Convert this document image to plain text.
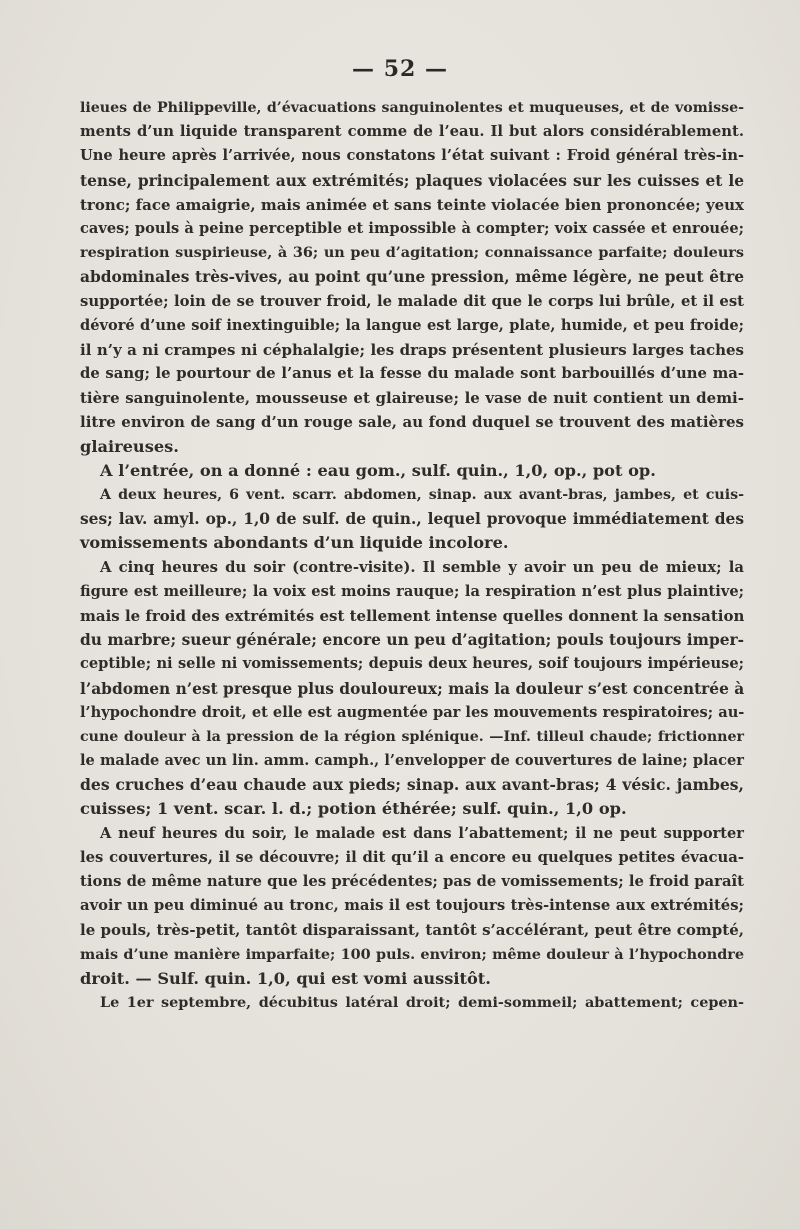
— 52 —
lieues de Philippeville, d’évacuations sanguinolentes et muqueuses, et de vomisse-
ments d’un liquide transparent comme de l’eau. Il but alors considérablement.
Une heure après l’arrivée, nous constatons l’état suivant : Froid général très-in-
tense, principalement aux extrémités; plaques violacées sur les cuisses et le
tronc; face amaigrie, mais animée et sans teinte violacée bien prononcée; yeux
caves; pouls à peine perceptible et impossible à compter; voix cassée et enrouée;
respiration suspirieuse, à 36; un peu d’agitation; connaissance parfaite; douleurs
abdominales très-vives, au point qu’une pression, même légère, ne peut être
supportée; loin de se trouver froid, le malade dit que le corps lui brûle, et il est
dévoré d’une soif inextinguible; la langue est large, plate, humide, et peu froide;
il n’y a ni crampes ni céphalalgie; les draps présentent plusieurs larges taches
de sang; le pourtour de l’anus et la fesse du malade sont barbouillés d’une ma-
tière sanguinolente, mousseuse et glaireuse; le vase de nuit contient un demi-
litre environ de sang d’un rouge sale, au fond duquel se trouvent des matières
glaireuses.
A l’entrée, on a donné : eau gom., sulf. quin., 1,0, op., pot op.
A deux heures, 6 vent. scarr. abdomen, sinap. aux avant-bras, jambes, et cuis-
ses; lav. amyl. op., 1,0 de sulf. de quin., lequel provoque immédiatement des
vomissements abondants d’un liquide incolore.
A cinq heures du soir (contre-visite). Il semble y avoir un peu de mieux; la
figure est meilleure; la voix est moins rauque; la respiration n’est plus plaintive;
mais le froid des extrémités est tellement intense quelles donnent la sensation
du marbre; sueur générale; encore un peu d’agitation; pouls toujours imper-
ceptible; ni selle ni vomissements; depuis deux heures, soif toujours impérieuse;
l’abdomen n’est presque plus douloureux; mais la douleur s’est concentrée à
l’hypochondre droit, et elle est augmentée par les mouvements respiratoires; au-
cune douleur à la pression de la région splénique. —Inf. tilleul chaude; frictionner
le malade avec un lin. amm. camph., l’envelopper de couvertures de laine; placer
des cruches d’eau chaude aux pieds; sinap. aux avant-bras; 4 vésic. jambes,
cuisses; 1 vent. scar. l. d.; potion éthérée; sulf. quin., 1,0 op.
A neuf heures du soir, le malade est dans l’abattement; il ne peut supporter
les couvertures, il se découvre; il dit qu’il a encore eu quelques petites évacua-
tions de même nature que les précédentes; pas de vomissements; le froid paraît
avoir un peu diminué au tronc, mais il est toujours très-intense aux extrémités;
le pouls, très-petit, tantôt disparaissant, tantôt s’accélérant, peut être compté,
mais d’une manière imparfaite; 100 puls. environ; même douleur à l’hypochondre
droit. — Sulf. quin. 1,0, qui est vomi aussitôt.
Le 1er septembre, décubitus latéral droit; demi-sommeil; abattement; cepen-
